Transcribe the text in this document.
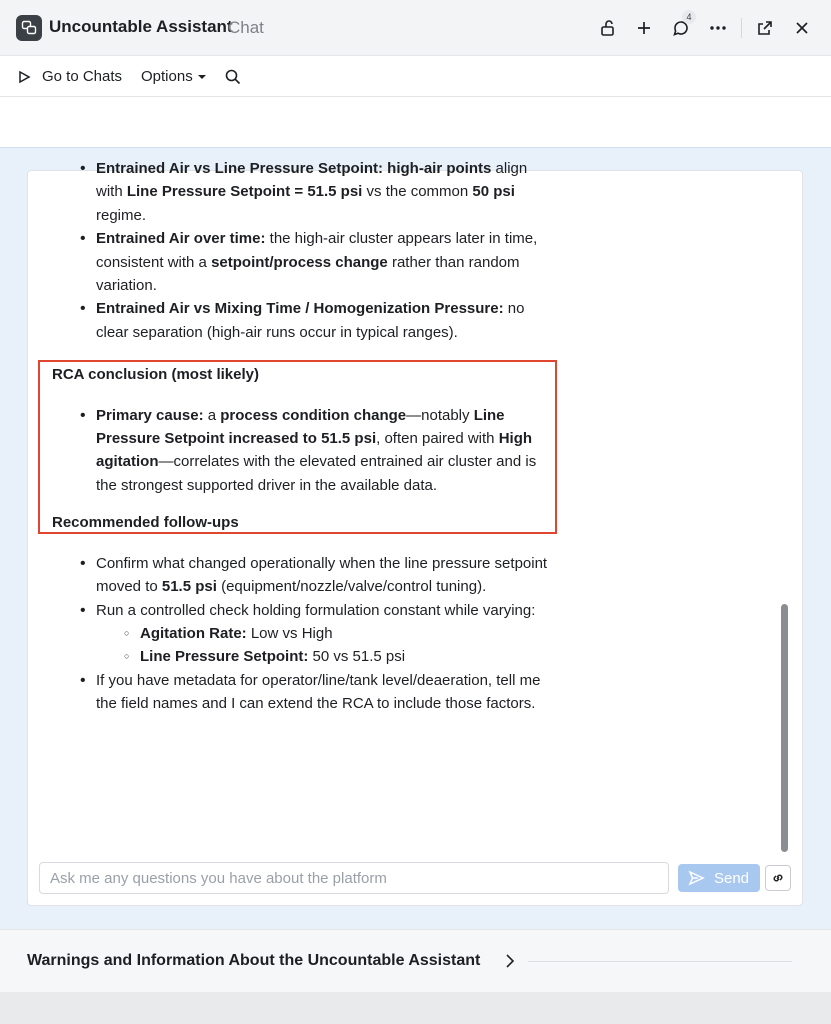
Uncountable Assistant
Chat
4
Go to Chats Options
• Entrained Air vs Line Pressure Setpoint: high-air points align with Line Pressure Setpoint = 51.5 psi vs the common 50 psi regime.
• Entrained Air over time: the high-air cluster appears later in time, consistent with a setpoint/process change rather than random variation.
• Entrained Air vs Mixing Time / Homogenization Pressure: no clear separation (high-air runs occur in typical ranges).
RCA conclusion (most likely)
• Primary cause: a process condition change—notably Line Pressure Setpoint increased to 51.5 psi, often paired with High agitation—correlates with the elevated entrained air cluster and is the strongest supported driver in the available data.
Recommended follow-ups
• Confirm what changed operationally when the line pressure setpoint moved to 51.5 psi (equipment/nozzle/valve/control tuning).
• Run a controlled check holding formulation constant while varying:
○ Agitation Rate: Low vs High
○ Line Pressure Setpoint: 50 vs 51.5 psi
• If you have metadata for operator/line/tank level/deaeration, tell me the field names and I can extend the RCA to include those factors.
Ask me any questions you have about the platform
Send
Warnings and Information About the Uncountable Assistant
